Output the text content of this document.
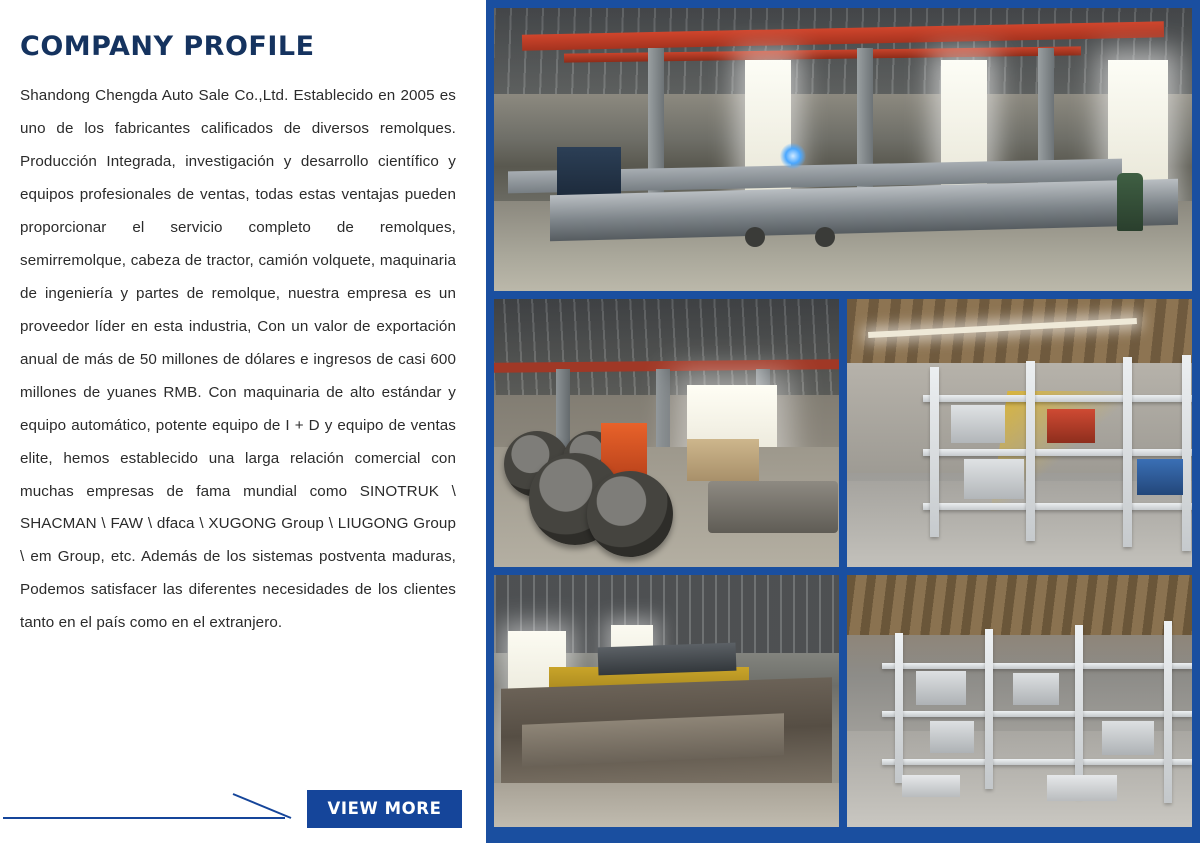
COMPANY PROFILE

Shandong Chengda Auto Sale Co.,Ltd. Establecido en 2005 es uno de los fabricantes calificados de diversos remolques. Producción Integrada, investigación y desarrollo científico y equipos profesionales de ventas, todas estas ventajas pueden proporcionar el servicio completo de remolques, semirremolque, cabeza de tractor, camión volquete, maquinaria de ingeniería y partes de remolque, nuestra empresa es un proveedor líder en esta industria, Con un valor de exportación anual de más de 50 millones de dólares e ingresos de casi 600 millones de yuanes RMB. Con maquinaria de alto estándar y equipo automático, potente equipo de I + D y equipo de ventas elite, hemos establecido una larga relación comercial con muchas empresas de fama mundial como SINOTRUK \ SHACMAN \ FAW \ dfaca \ XUGONG Group \ LIUGONG Group \ em Group, etc. Además de los sistemas postventa maduras, Podemos satisfacer las diferentes necesidades de los clientes tanto en el país como en el extranjero.

VIEW MORE
